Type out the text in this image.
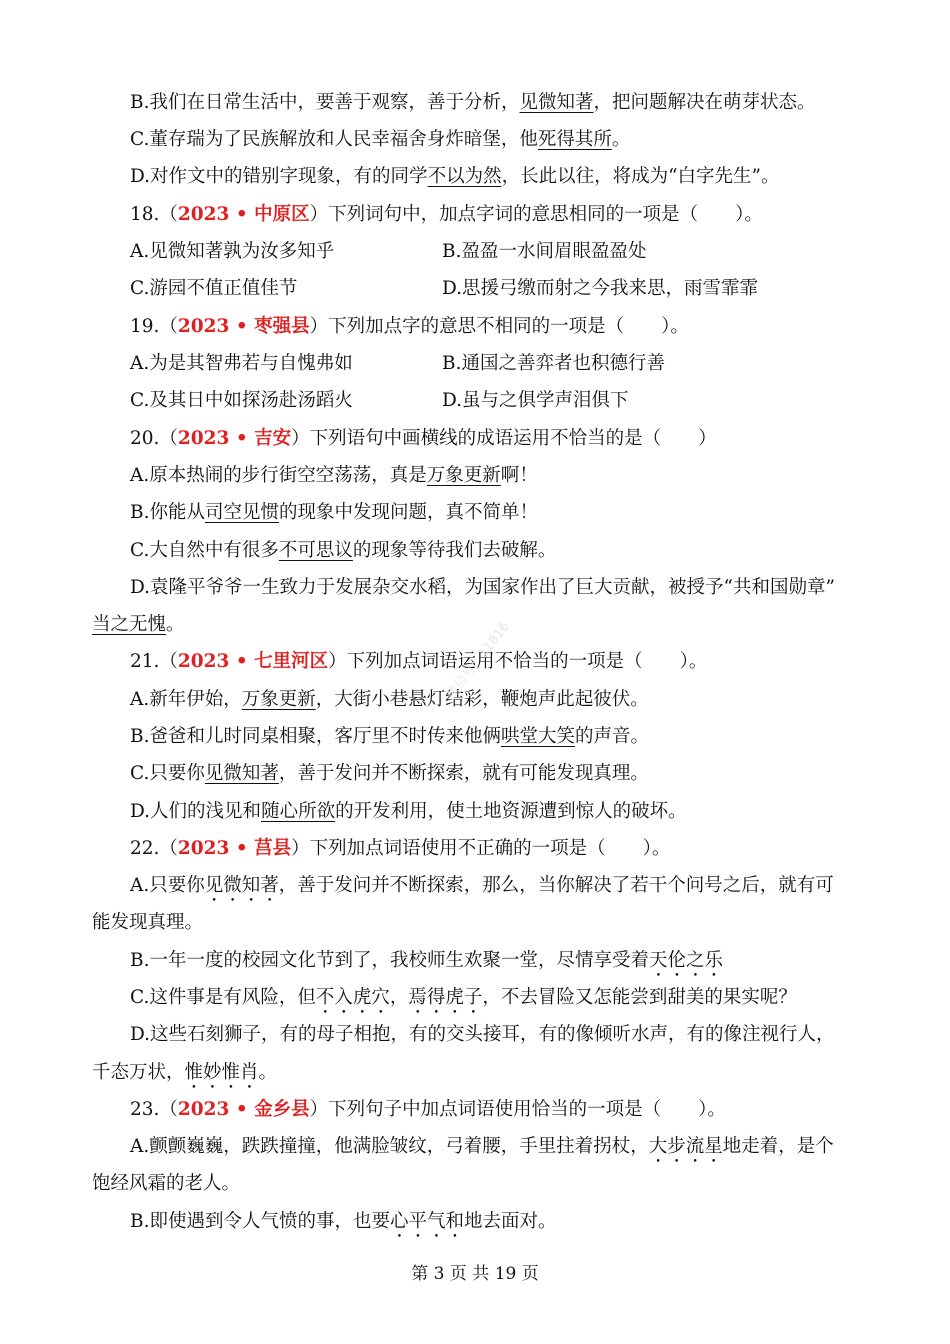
B.我们在日常生活中，要善于观察，善于分析，见微知著，把问题解决在萌芽状态。
C.董存瑞为了民族解放和人民幸福舍身炸暗堡，他死得其所。
D.对作文中的错别字现象，有的同学不以为然，长此以往，将成为“白字先生”。
18.（2023 • 中原区）下列词句中，加点字词的意思相同的一项是（　　）。
A.见微知著孰为汝多知乎	B.盈盈一水间眉眼盈盈处
C.游园不值正值佳节	D.思援弓缴而射之今我来思，雨雪霏霏
19.（2023 • 枣强县）下列加点字的意思不相同的一项是（　　）。
A.为是其智弗若与自愧弗如	B.通国之善弈者也积德行善
C.及其日中如探汤赴汤蹈火	D.虽与之俱学声泪俱下
20.（2023 • 吉安）下列语句中画横线的成语运用不恰当的是（　　）
A.原本热闹的步行街空空荡荡，真是万象更新啊！
B.你能从司空见惯的现象中发现问题，真不简单！
C.大自然中有很多不可思议的现象等待我们去破解。
D.袁隆平爷爷一生致力于发展杂交水稻，为国家作出了巨大贡献，被授予“共和国勋章”
当之无愧。
21.（2023 • 七里河区）下列加点词语运用不恰当的一项是（　　）。
A.新年伊始，万象更新，大街小巷悬灯结彩，鞭炮声此起彼伏。
B.爸爸和儿时同桌相聚，客厅里不时传来他俩哄堂大笑的声音。
C.只要你见微知著，善于发问并不断探索，就有可能发现真理。
D.人们的浅见和随心所欲的开发利用，使土地资源遭到惊人的破坏。
22.（2023 • 莒县）下列加点词语使用不正确的一项是（　　）。
A.只要你见微知著，善于发问并不断探索，那么，当你解决了若干个问号之后，就有可
能发现真理。
B.一年一度的校园文化节到了，我校师生欢聚一堂，尽情享受着天伦之乐
C.这件事是有风险，但不入虎穴，焉得虎子，不去冒险又怎能尝到甜美的果实呢？
D.这些石刻狮子，有的母子相抱，有的交头接耳，有的像倾听水声，有的像注视行人，
千态万状，惟妙惟肖。
23.（2023 • 金乡县）下列句子中加点词语使用恰当的一项是（　　）。
A.颤颤巍巍，跌跌撞撞，他满脸皱纹，弓着腰，手里拄着拐杖，大步流星地走着，是个
饱经风霜的老人。
B.即使遇到令人气愤的事，也要心平气和地去面对。
微信号：11816
第 3 页 共 19 页
